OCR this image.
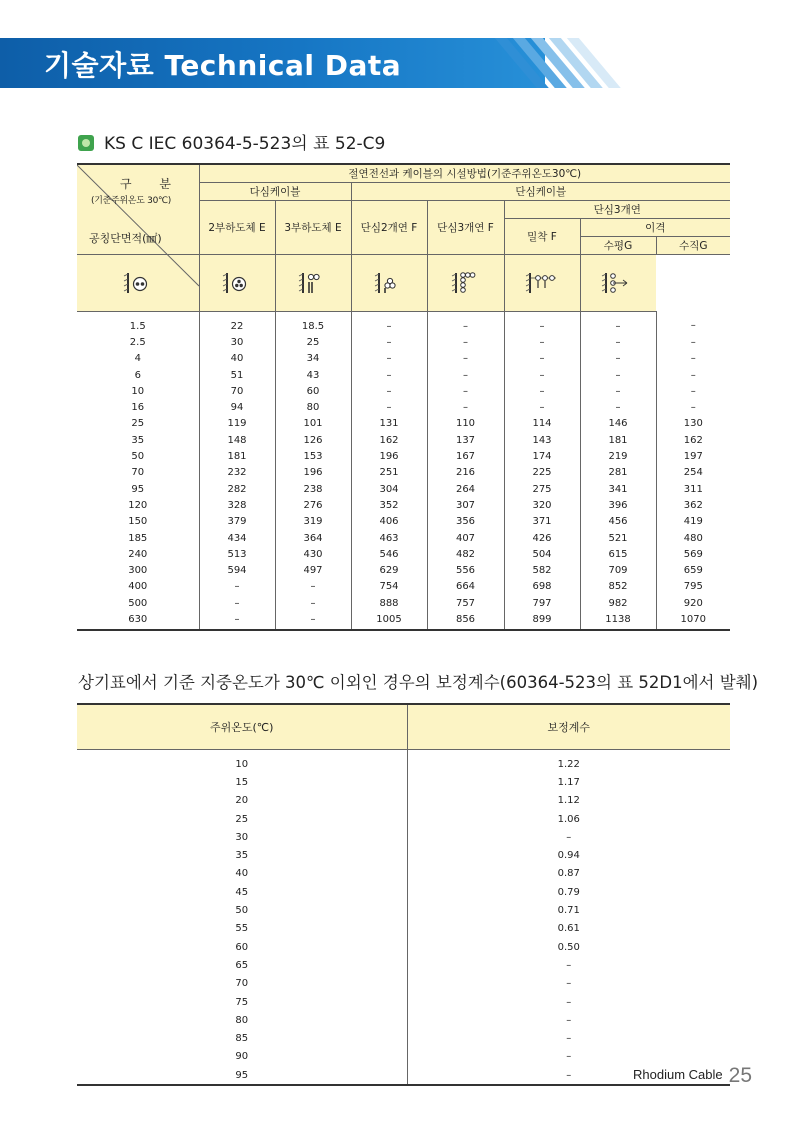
기술자료 Technical Data
KS C IEC 60364-5-523의 표 52-C9
구 분
(기준주위온도 30℃)
공칭단면적(㎟)	절연전선과 케이블의 시설방법(기준주위온도30℃)						
	다심케이블		단심케이블				
	2부하도체 E	3부하도체 E	단심2개연 F	단심3개연 F	단심3개연		
					밀착 F	이격	
						수평G	수직G

1.5	22	18.5	–	–	–	–	–
2.5	30	25	–	–	–	–	–
4	40	34	–	–	–	–	–
6	51	43	–	–	–	–	–
10	70	60	–	–	–	–	–
16	94	80	–	–	–	–	–
25	119	101	131	110	114	146	130
35	148	126	162	137	143	181	162
50	181	153	196	167	174	219	197
70	232	196	251	216	225	281	254
95	282	238	304	264	275	341	311
120	328	276	352	307	320	396	362
150	379	319	406	356	371	456	419
185	434	364	463	407	426	521	480
240	513	430	546	482	504	615	569
300	594	497	629	556	582	709	659
400	–	–	754	664	698	852	795
500	–	–	888	757	797	982	920
630	–	–	1005	856	899	1138	1070
상기표에서 기준 지중온도가 30℃ 이외인 경우의 보정계수(60364-523의 표 52D1에서 발췌)
주위온도(℃)	보정계수
10	1.22
15	1.17
20	1.12
25	1.06
30	–
35	0.94
40	0.87
45	0.79
50	0.71
55	0.61
60	0.50
65	–
70	–
75	–
80	–
85	–
90	–
95	–	Rhodium Cable 25
